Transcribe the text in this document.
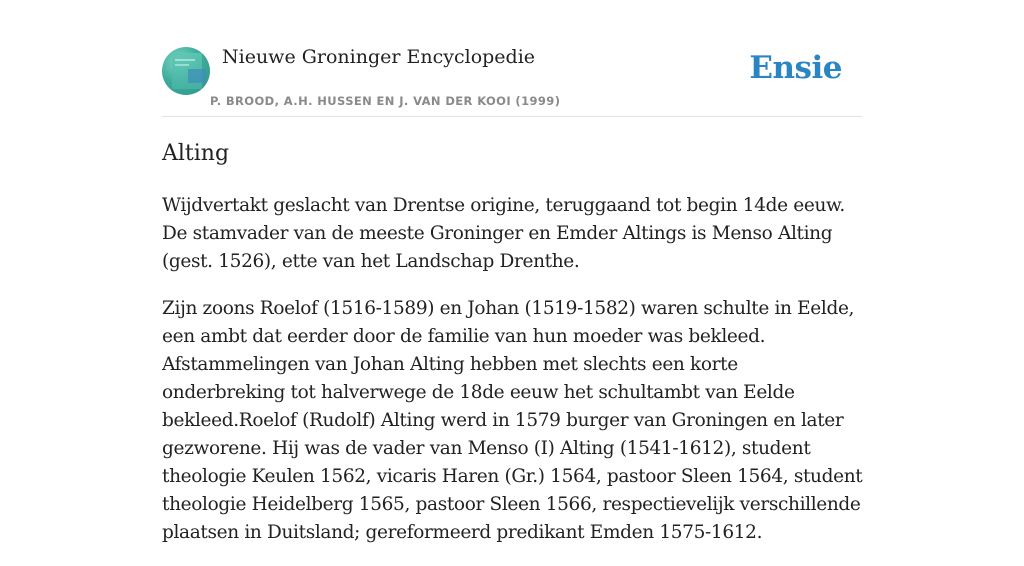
Nieuwe Groninger Encyclopedie
P. BROOD, A.H. HUSSEN EN J. VAN DER KOOI (1999)
Ensie
Alting

Wijdvertakt geslacht van Drentse origine, teruggaand tot begin 14de eeuw. De stamvader van de meeste Groninger en Emder Altings is Menso Alting (gest. 1526), ette van het Landschap Drenthe.

Zijn zoons Roelof (1516-1589) en Johan (1519-1582) waren schulte in Eelde, een ambt dat eerder door de familie van hun moeder was bekleed. Afstammelingen van Johan Alting hebben met slechts een korte onderbreking tot halverwege de 18de eeuw het schultambt van Eelde bekleed.Roelof (Rudolf) Alting werd in 1579 burger van Groningen en later gezworene. Hij was de vader van Menso (I) Alting (1541-1612), student theologie Keulen 1562, vicaris Haren (Gr.) 1564, pastoor Sleen 1564, student theologie Heidelberg 1565, pastoor Sleen 1566, respectievelijk verschillende plaatsen in Duitsland; gereformeerd predikant Emden 1575-1612.
